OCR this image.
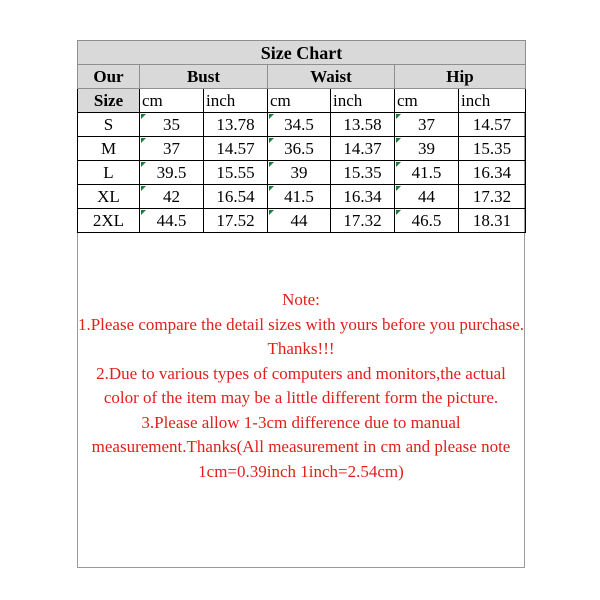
Size Chart						
Our	Bust		Waist		Hip	
Size	cm	inch	cm	inch	cm	inch
S	35	13.78	34.5	13.58	37	14.57
M	37	14.57	36.5	14.37	39	15.35
L	39.5	15.55	39	15.35	41.5	16.34
XL	42	16.54	41.5	16.34	44	17.32
2XL	44.5	17.52	44	17.32	46.5	18.31

Note:

1.Please compare the detail sizes with yours before you purchase. Thanks!!!

2.Due to various types of computers and monitors,the actual color of the item may be a little different form the picture.

3.Please allow 1-3cm difference due to manual measurement.Thanks(All measurement in cm and please note 1cm=0.39inch 1inch=2.54cm)
